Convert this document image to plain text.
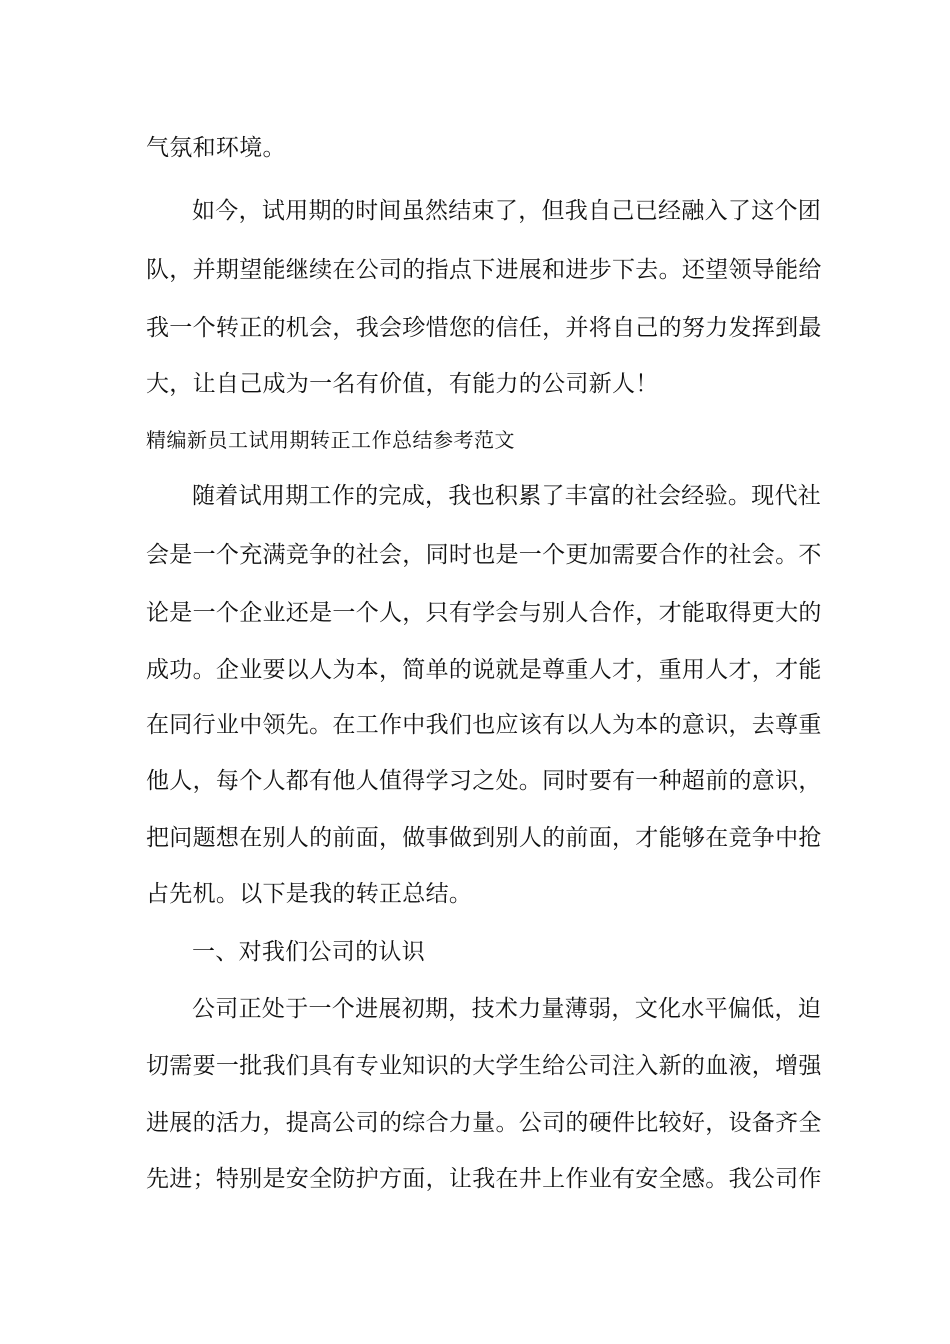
气氛和环境。
如今，试用期的时间虽然结束了，但我自己已经融入了这个团
队，并期望能继续在公司的指点下进展和进步下去。还望领导能给
我一个转正的机会，我会珍惜您的信任，并将自己的努力发挥到最
大，让自己成为一名有价值，有能力的公司新人！
精编新员工试用期转正工作总结参考范文
随着试用期工作的完成，我也积累了丰富的社会经验。现代社
会是一个充满竞争的社会，同时也是一个更加需要合作的社会。不
论是一个企业还是一个人，只有学会与别人合作，才能取得更大的
成功。企业要以人为本，简单的说就是尊重人才，重用人才，才能
在同行业中领先。在工作中我们也应该有以人为本的意识，去尊重
他人，每个人都有他人值得学习之处。同时要有一种超前的意识，
把问题想在别人的前面，做事做到别人的前面，才能够在竞争中抢
占先机。以下是我的转正总结。
一、对我们公司的认识
公司正处于一个进展初期，技术力量薄弱，文化水平偏低，迫
切需要一批我们具有专业知识的大学生给公司注入新的血液，增强
进展的活力，提高公司的综合力量。公司的硬件比较好，设备齐全
先进；特别是安全防护方面，让我在井上作业有安全感。我公司作
